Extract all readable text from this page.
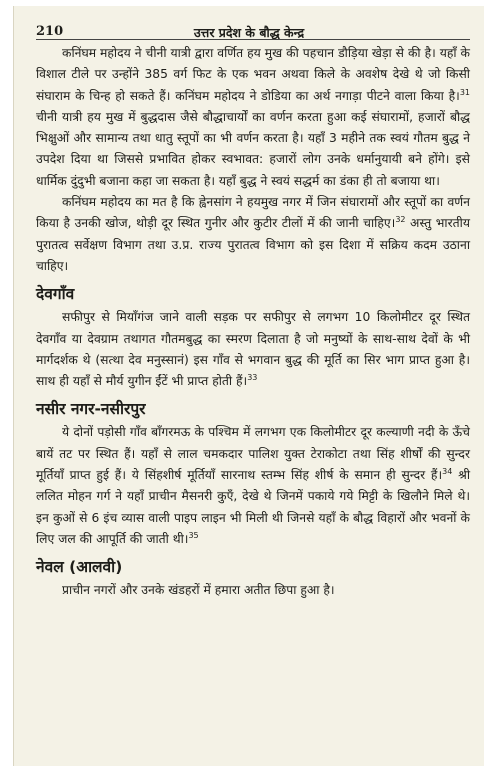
210	उत्तर प्रदेश के बौद्ध केन्द्र

कनिंघम महोदय ने चीनी यात्री द्वारा वर्णित हय मुख की पहचान डौड़िया खेड़ा से की है। यहाँ के विशाल टीले पर उन्होंने 385 वर्ग फिट के एक भवन अथवा किले के अवशेष देखे थे जो किसी संघाराम के चिन्ह हो सकते हैं। कनिंघम महोदय ने डोडिया का अर्थ नगाड़ा पीटने वाला किया है।$^{31}$ चीनी यात्री हय मुख में बुद्धदास जैसे बौद्धाचार्यों का वर्णन करता हुआ कई संघारामों, हजारों बौद्ध भिक्षुओं और सामान्य तथा धातु स्तूपों का भी वर्णन करता है। यहाँ 3 महीने तक स्वयं गौतम बुद्ध ने उपदेश दिया था जिससे प्रभावित होकर स्वभावत: हजारों लोग उनके धर्मानुयायी बने होंगे। इसे धार्मिक दुंदुभी बजाना कहा जा सकता है। यहाँ बुद्ध ने स्वयं सद्धर्म का डंका ही तो बजाया था।

कनिंघम महोदय का मत है कि ह्वेनसांग ने हयमुख नगर में जिन संघारामों और स्तूपों का वर्णन किया है उनकी खोज, थोड़ी दूर स्थित गुनीर और कुटीर टीलों में की जानी चाहिए।$^{32}$ अस्तु भारतीय पुरातत्व सर्वेक्षण विभाग तथा उ.प्र. राज्य पुरातत्व विभाग को इस दिशा में सक्रिय कदम उठाना चाहिए।

देवगाँव

सफीपुर से मियाँगंज जाने वाली सड़क पर सफीपुर से लगभग 10 किलोमीटर दूर स्थित देवगाँव या देवग्राम तथागत गौतमबुद्ध का स्मरण दिलाता है जो मनुष्यों के साथ-साथ देवों के भी मार्गदर्शक थे (सत्था देव मनुस्सानं) इस गाँव से भगवान बुद्ध की मूर्ति का सिर भाग प्राप्त हुआ है। साथ ही यहाँ से मौर्य युगीन ईंटें भी प्राप्त होती हैं।$^{33}$

नसीर नगर-नसीरपुर

ये दोनों पड़ोसी गाँव बाँगरमऊ के पश्चिम में लगभग एक किलोमीटर दूर कल्याणी नदी के ऊँचे बायें तट पर स्थित हैं। यहाँ से लाल चमकदार पालिश युक्त टेराकोटा तथा सिंह शीर्षों की सुन्दर मूर्तियाँ प्राप्त हुई हैं। ये सिंहशीर्ष मूर्तियाँ सारनाथ स्तम्भ सिंह शीर्ष के समान ही सुन्दर हैं।$^{34}$ श्री ललित मोहन गर्ग ने यहाँ प्राचीन मैसनरी कुएँ, देखे थे जिनमें पकाये गये मिट्टी के खिलौने मिले थे। इन कुओं से 6 इंच व्यास वाली पाइप लाइन भी मिली थी जिनसे यहाँ के बौद्ध विहारों और भवनों के लिए जल की आपूर्ति की जाती थी।$^{35}$

नेवल (आलवी)

प्राचीन नगरों और उनके खंडहरों में हमारा अतीत छिपा हुआ है।
